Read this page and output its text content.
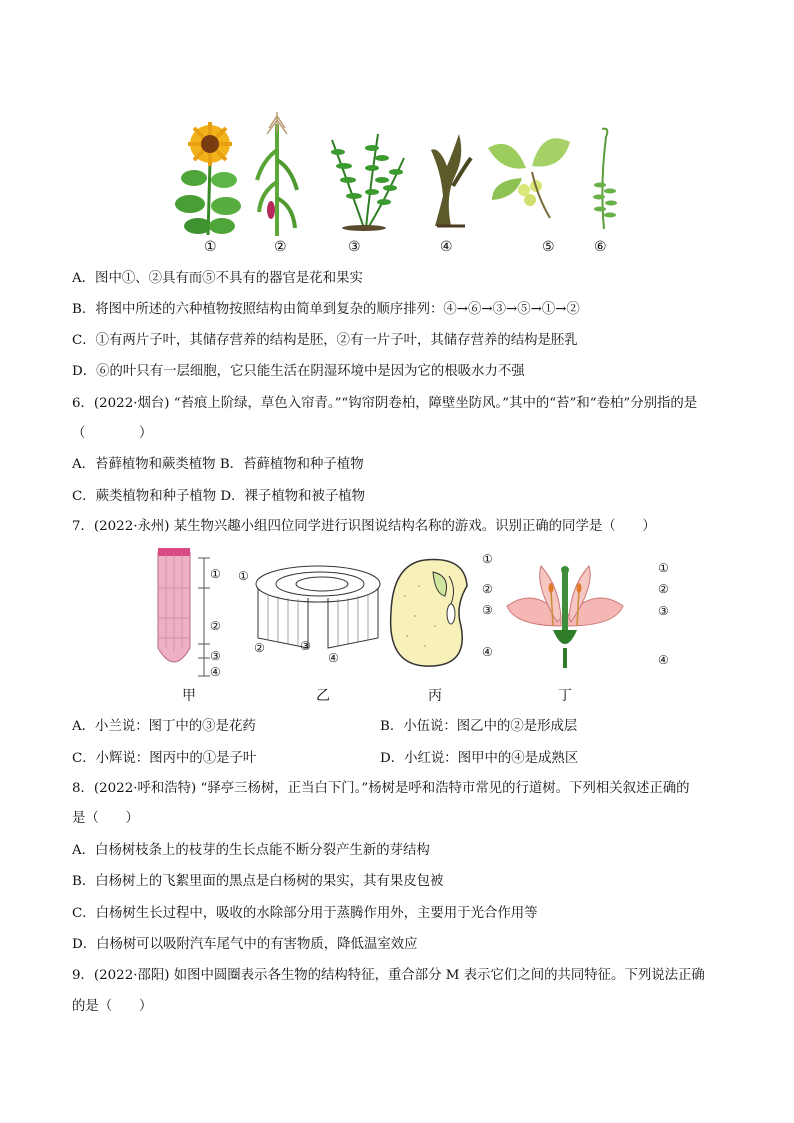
①	②	③	④	⑤	⑥
A．图中①、②具有而⑤不具有的器官是花和果实
B．将图中所述的六种植物按照结构由简单到复杂的顺序排列：④→⑥→③→⑤→①→②
C．①有两片子叶，其储存营养的结构是胚，②有一片子叶，其储存营养的结构是胚乳
D．⑥的叶只有一层细胞，它只能生活在阴湿环境中是因为它的根吸水力不强
6．(2022·烟台) “苔痕上阶绿，草色入帘青。”“钩帘阴卷柏，障壁坐防风。”其中的“苔”和“卷柏”分别指的是
（　　　　）
A．苔藓植物和蕨类植物 B．苔藓植物和种子植物
C．蕨类植物和种子植物 D．裸子植物和被子植物
7．(2022·永州) 某生物兴趣小组四位同学进行识图说结构名称的游戏。识别正确的同学是（　　）
①
②
③
④
①
②	③
④
①
②
③
④
①
②
③
④
甲	乙	丙	丁
A．小兰说：图丁中的③是花药	B．小伍说：图乙中的②是形成层
C．小辉说：图丙中的①是子叶	D．小红说：图甲中的④是成熟区
8．(2022·呼和浩特) “驿亭三杨树，正当白下门。”杨树是呼和浩特市常见的行道树。下列相关叙述正确的
是（　　）
A．白杨树枝条上的枝芽的生长点能不断分裂产生新的芽结构
B．白杨树上的飞絮里面的黑点是白杨树的果实，其有果皮包被
C．白杨树生长过程中，吸收的水除部分用于蒸腾作用外，主要用于光合作用等
D．白杨树可以吸附汽车尾气中的有害物质，降低温室效应
9．(2022·邵阳) 如图中圆圈表示各生物的结构特征，重合部分 M 表示它们之间的共同特征。下列说法正确
的是（　　）
